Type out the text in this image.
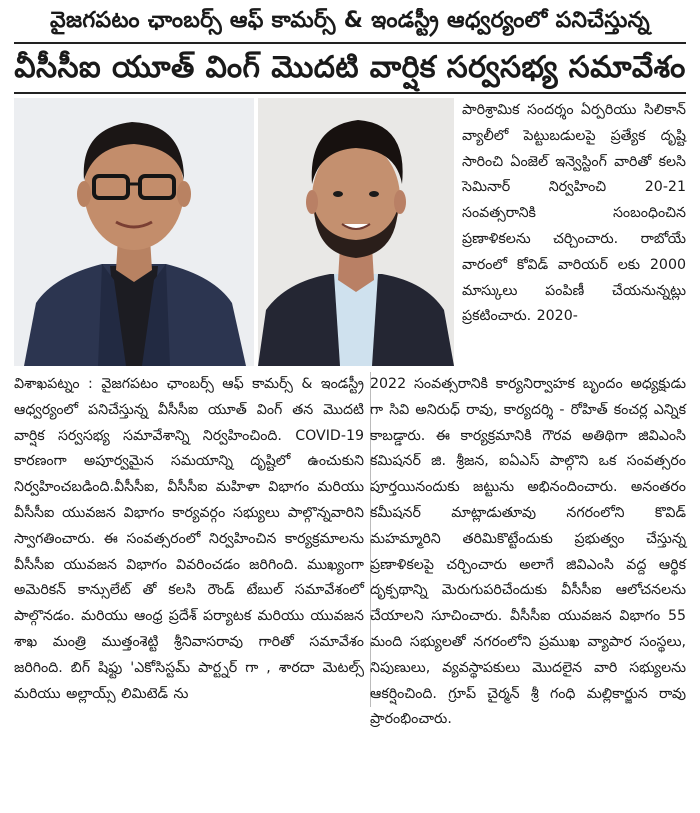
వైజగపటం ఛాంబర్స్ ఆఫ్ కామర్స్ & ఇండస్ట్రీ ఆధ్వర్యంలో పనిచేస్తున్న
వీసీసీఐ యూత్ వింగ్ మొదటి వార్షిక సర్వసభ్య సమావేశం

పారిశ్రామిక సందర్శం ఏర్పరియు సిలికాన్ వ్యాలీలో పెట్టుబడులపై ప్రత్యేక దృష్టి సారించి ఏంజెల్ ఇన్వెస్టింగ్ వారితో కలసి సెమినార్ నిర్వహించి 20-21 సంవత్సరానికి సంబంధించిన ప్రణాళికలను చర్చించారు. రాబోయే వారంలో కోవిడ్ వారియర్ లకు 2000 మాస్కులు పంపిణీ చేయనున్నట్లు ప్రకటించారు. 2020-

విశాఖపట్నం : వైజగపటం ఛాంబర్స్ ఆఫ్ కామర్స్ & ఇండస్ట్రీ ఆధ్వర్యంలో పనిచేస్తున్న వీసీసీఐ యూత్ వింగ్ తన మొదటి వార్షిక సర్వసభ్య సమావేశాన్ని నిర్వహించింది. COVID-19 కారణంగా అపూర్వమైన సమయాన్ని దృష్టిలో ఉంచుకుని నిర్వహించబడింది.వీసీసీఐ, వీసీసీఐ మహిళా విభాగం మరియు వీసీసీఐ యువజన విభాగం కార్యవర్గం సభ్యులు పాల్గొన్నవారిని స్వాగతించారు. ఈ సంవత్సరంలో నిర్వహించిన కార్యక్రమాలను వీసీసీఐ యువజన విభాగం వివరించడం జరిగింది. ముఖ్యంగా అమెరికన్ కాన్సులేట్ తో కలసి రౌండ్ టేబుల్ సమావేశంలో పాల్గొనడం. మరియు ఆంధ్ర ప్రదేశ్ పర్యాటక మరియు యువజన శాఖ మంత్రి ముత్తంశెట్టి శ్రీనివాసరావు గారితో సమావేశం జరిగింది. బిగ్ షిఫ్టు 'ఎకోసిస్టమ్ పార్ట్నర్ గా , శారదా మెటల్స్ మరియు అల్లాయ్స్ లిమిటెడ్ ను

2022 సంవత్సరానికి కార్యనిర్వాహక బృందం అధ్యక్షుడు గా సివి అనిరుధ్ రావు, కార్యదర్శి - రోహిత్ కంచర్ల ఎన్నిక కాబడ్డారు. ఈ కార్యక్రమానికి గౌరవ అతిథిగా జివిఎంసి కమిషనర్ జి. శ్రీజన, ఐఏఎస్ పాల్గొని ఒక సంవత్సరం పూర్తయినందుకు జట్టును అభినందించారు. అనంతరం కమీషనర్ మాట్లాడుతూవు నగరంలోని కొవిడ్ మహమ్మారిని తరిమికొట్టేందుకు ప్రభుత్వం చేస్తున్న ప్రణాళికలపై చర్చించారు అలాగే జివిఎంసి వద్ద ఆర్థిక దృక్పథాన్ని మెరుగుపరిచేందుకు వీసీసీఐ ఆలోచనలను చేయాలని సూచించారు. వీసీసీఐ యువజన విభాగం 55 మంది సభ్యులతో నగరంలోని ప్రముఖ వ్యాపార సంస్థలు, నిపుణులు, వ్యవస్థాపకులు మొదలైన వారి సభ్యులను ఆకర్షించింది. గ్రూప్ చైర్మన్ శ్రీ గంధి మల్లికార్జున రావు ప్రారంభించారు.
